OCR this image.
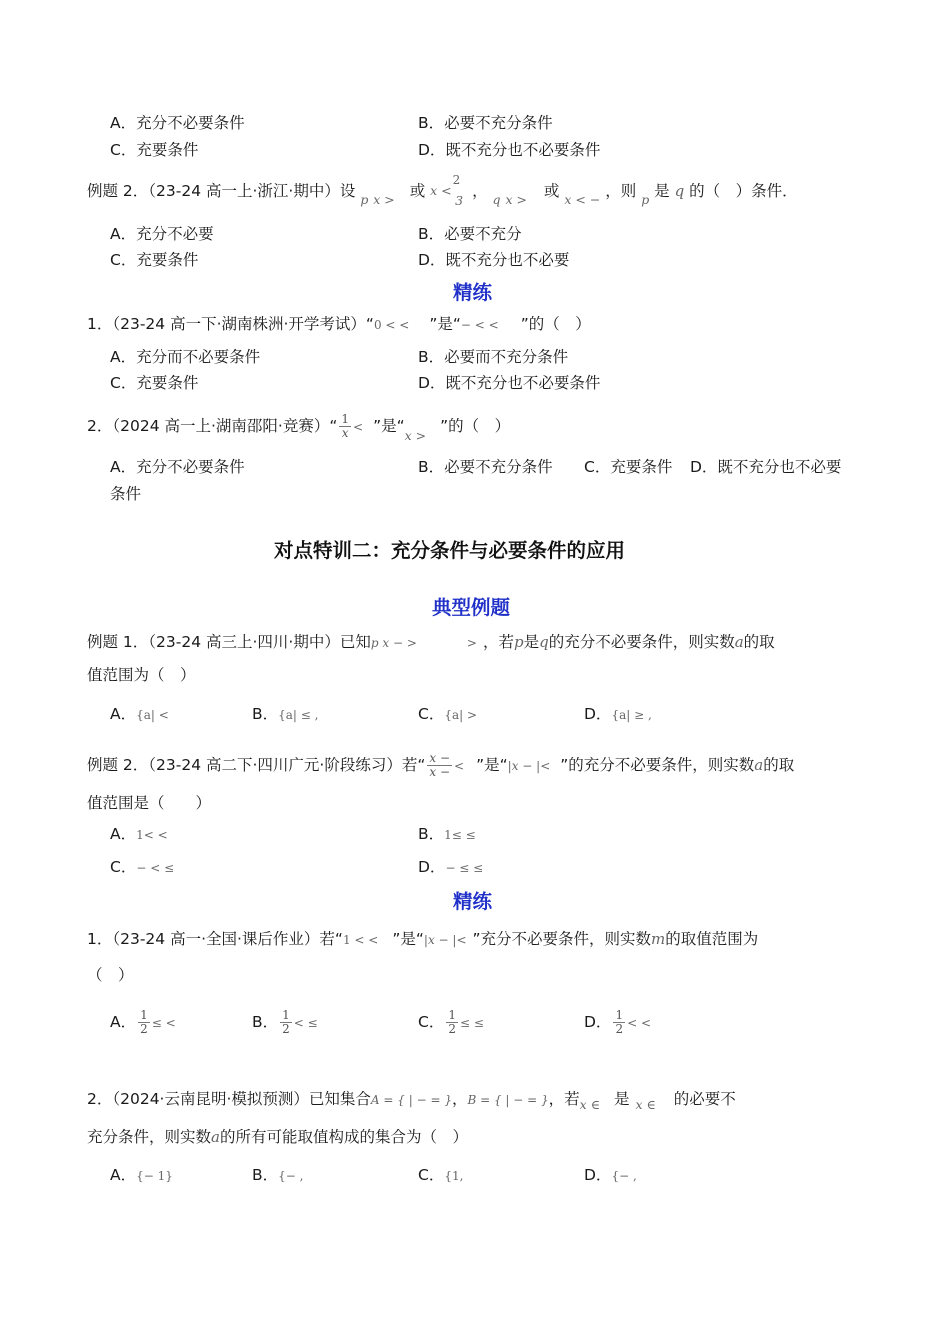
A．充分不必要条件	B．必要不充分条件
C．充要条件	D．既不充分也不必要条件
例题 2．（23-24 高一上·浙江·期中）设 $_p$ $_{x >}$ 或 x < $^2$ $_3$ ， $_q$ $_{x >}$ 或 $_{x < -}$ ，则 $_p$ 是 q 的（　）条件．
A．充分不必要	B．必要不充分
C．充要条件	D．既不充分也不必要
精练
1．（23-24 高一下·湖南株洲·开学考试）“0 < < ”是“− < < ”的（　）
A．充分而不必要条件	B．必要而不充分条件
C．充要条件	D．既不充分也不必要条件
2．（2024 高一上·湖南邵阳·竞赛）“ $\frac{1}{x}$ < ”是“$_{x >}$”的（　）
A．充分不必要条件	B．必要不充分条件 C．充要条件 D．既不充分也不必要
条件
对点特训二：充分条件与必要条件的应用
典型例题
例题 1．（23-24 高三上·四川·期中）已知p x − >	> ，若p是q的充分不必要条件，则实数a的取
值范围为（　）
A．{a| <	B．{a| ≤ ,	C．{a| >	D．{a| ≥ ,
例题 2．（23-24 高二下·四川广元·阶段练习）若“ $\frac{x -}{x -}$ < ”是“|x − |< ”的充分不必要条件，则实数a的取
值范围是（　　）
A．1< <	B．1≤ ≤
C．− < ≤	D．− ≤ ≤
精练
1．（23-24 高一·全国·课后作业）若“1 < < ”是“|x − |< ”充分不必要条件，则实数m的取值范围为
（　）
A． $\frac{1}{2}$ ≤ <	B． $\frac{1}{2}$ < ≤	C． $\frac{1}{2}$ ≤ ≤	D． $\frac{1}{2}$ < <
2．（2024·云南昆明·模拟预测）已知集合A = { | − = }，B = { | − = }，若$_{x \in}$ 是 $_{x \in}$ 的必要不
充分条件，则实数a的所有可能取值构成的集合为（　）
A．{− 1}	B．{− ,	C．{1,	D．{− ,
